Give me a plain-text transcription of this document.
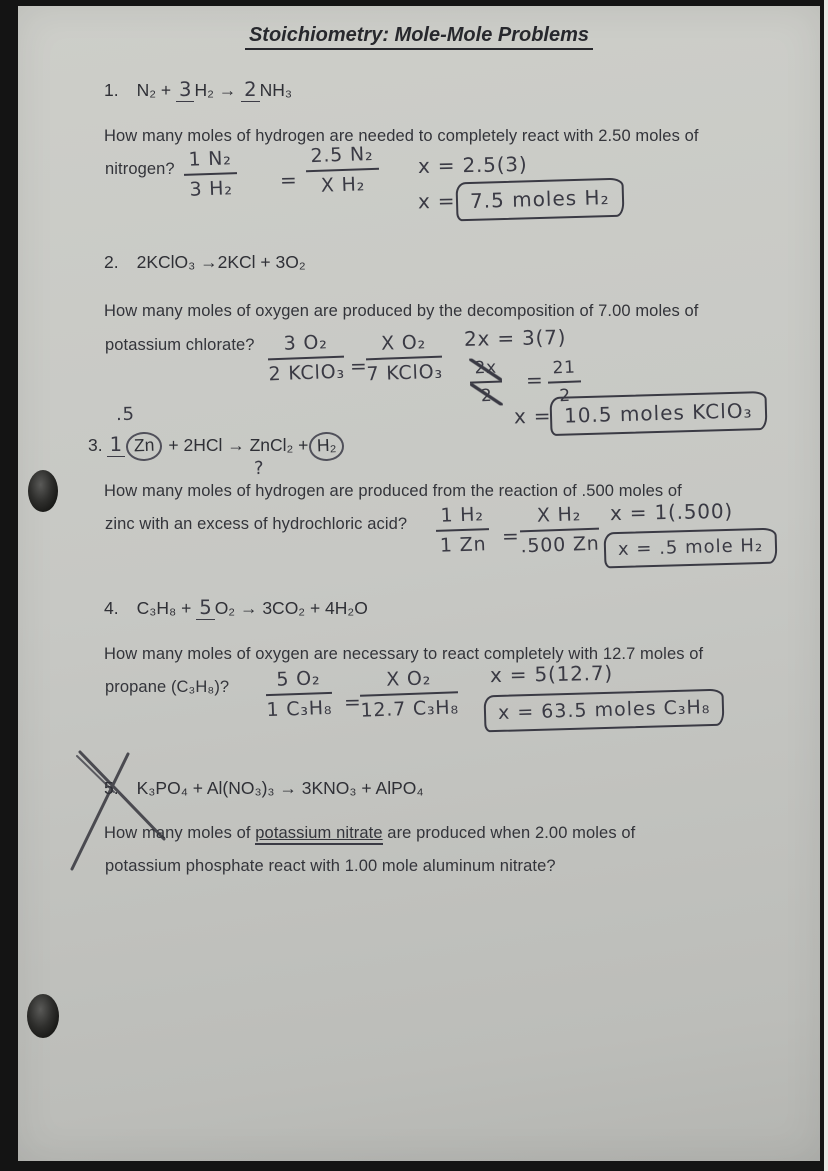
Stoichiometry: Mole-Mole Problems
1. N₂ + 3 H₂ → 2 NH₃
How many moles of hydrogen are needed to completely react with 2.50 moles of
nitrogen? $\frac{\text{1 N₂}}{\text{3 H₂}} = \frac{\text{2.5 N₂}}{\text{X H₂}}$ x = 2.5(3)
x = 7.5 moles H₂
2. 2KClO₃ →2KCl + 3O₂
How many moles of oxygen are produced by the decomposition of 7.00 moles of
potassium chlorate?	3 O₂
2 KClO₃ =
X O₂
7 KClO₃
2x = 3(7)
$\frac{2x}{2} = \frac{21}{2}$
x = 10.5 moles KClO₃
.5
3. 1 Zn + 2HCl → ZnCl₂ + H₂
?
How many moles of hydrogen are produced from the reaction of .500 moles of
zinc with an excess of hydrochloric acid? $\frac{\text{1 H₂}}{1 Zn} = \frac{\text{X H₂}}{.500 Zn}$ x = 1(.500)
x = .5 mole H₂
4. C₃H₈ + 5 O₂ → 3CO₂ + 4H₂O
How many moles of oxygen are necessary to react completely with 12.7 moles of
propane (C₃H₈)? $\frac{\text{5 O₂}}{\text{1 C₃H₈}}$ =
$\frac{\text{X O₂}}{\text{12.7 C₃H₈}}$ x = 5(12.7)
x = 63.5 moles C₃H₈
5. K₃PO₄ + Al(NO₃)₃ → 3KNO₃ + AlPO₄
How many moles of potassium nitrate are produced when 2.00 moles of
potassium phosphate react with 1.00 mole aluminum nitrate?
